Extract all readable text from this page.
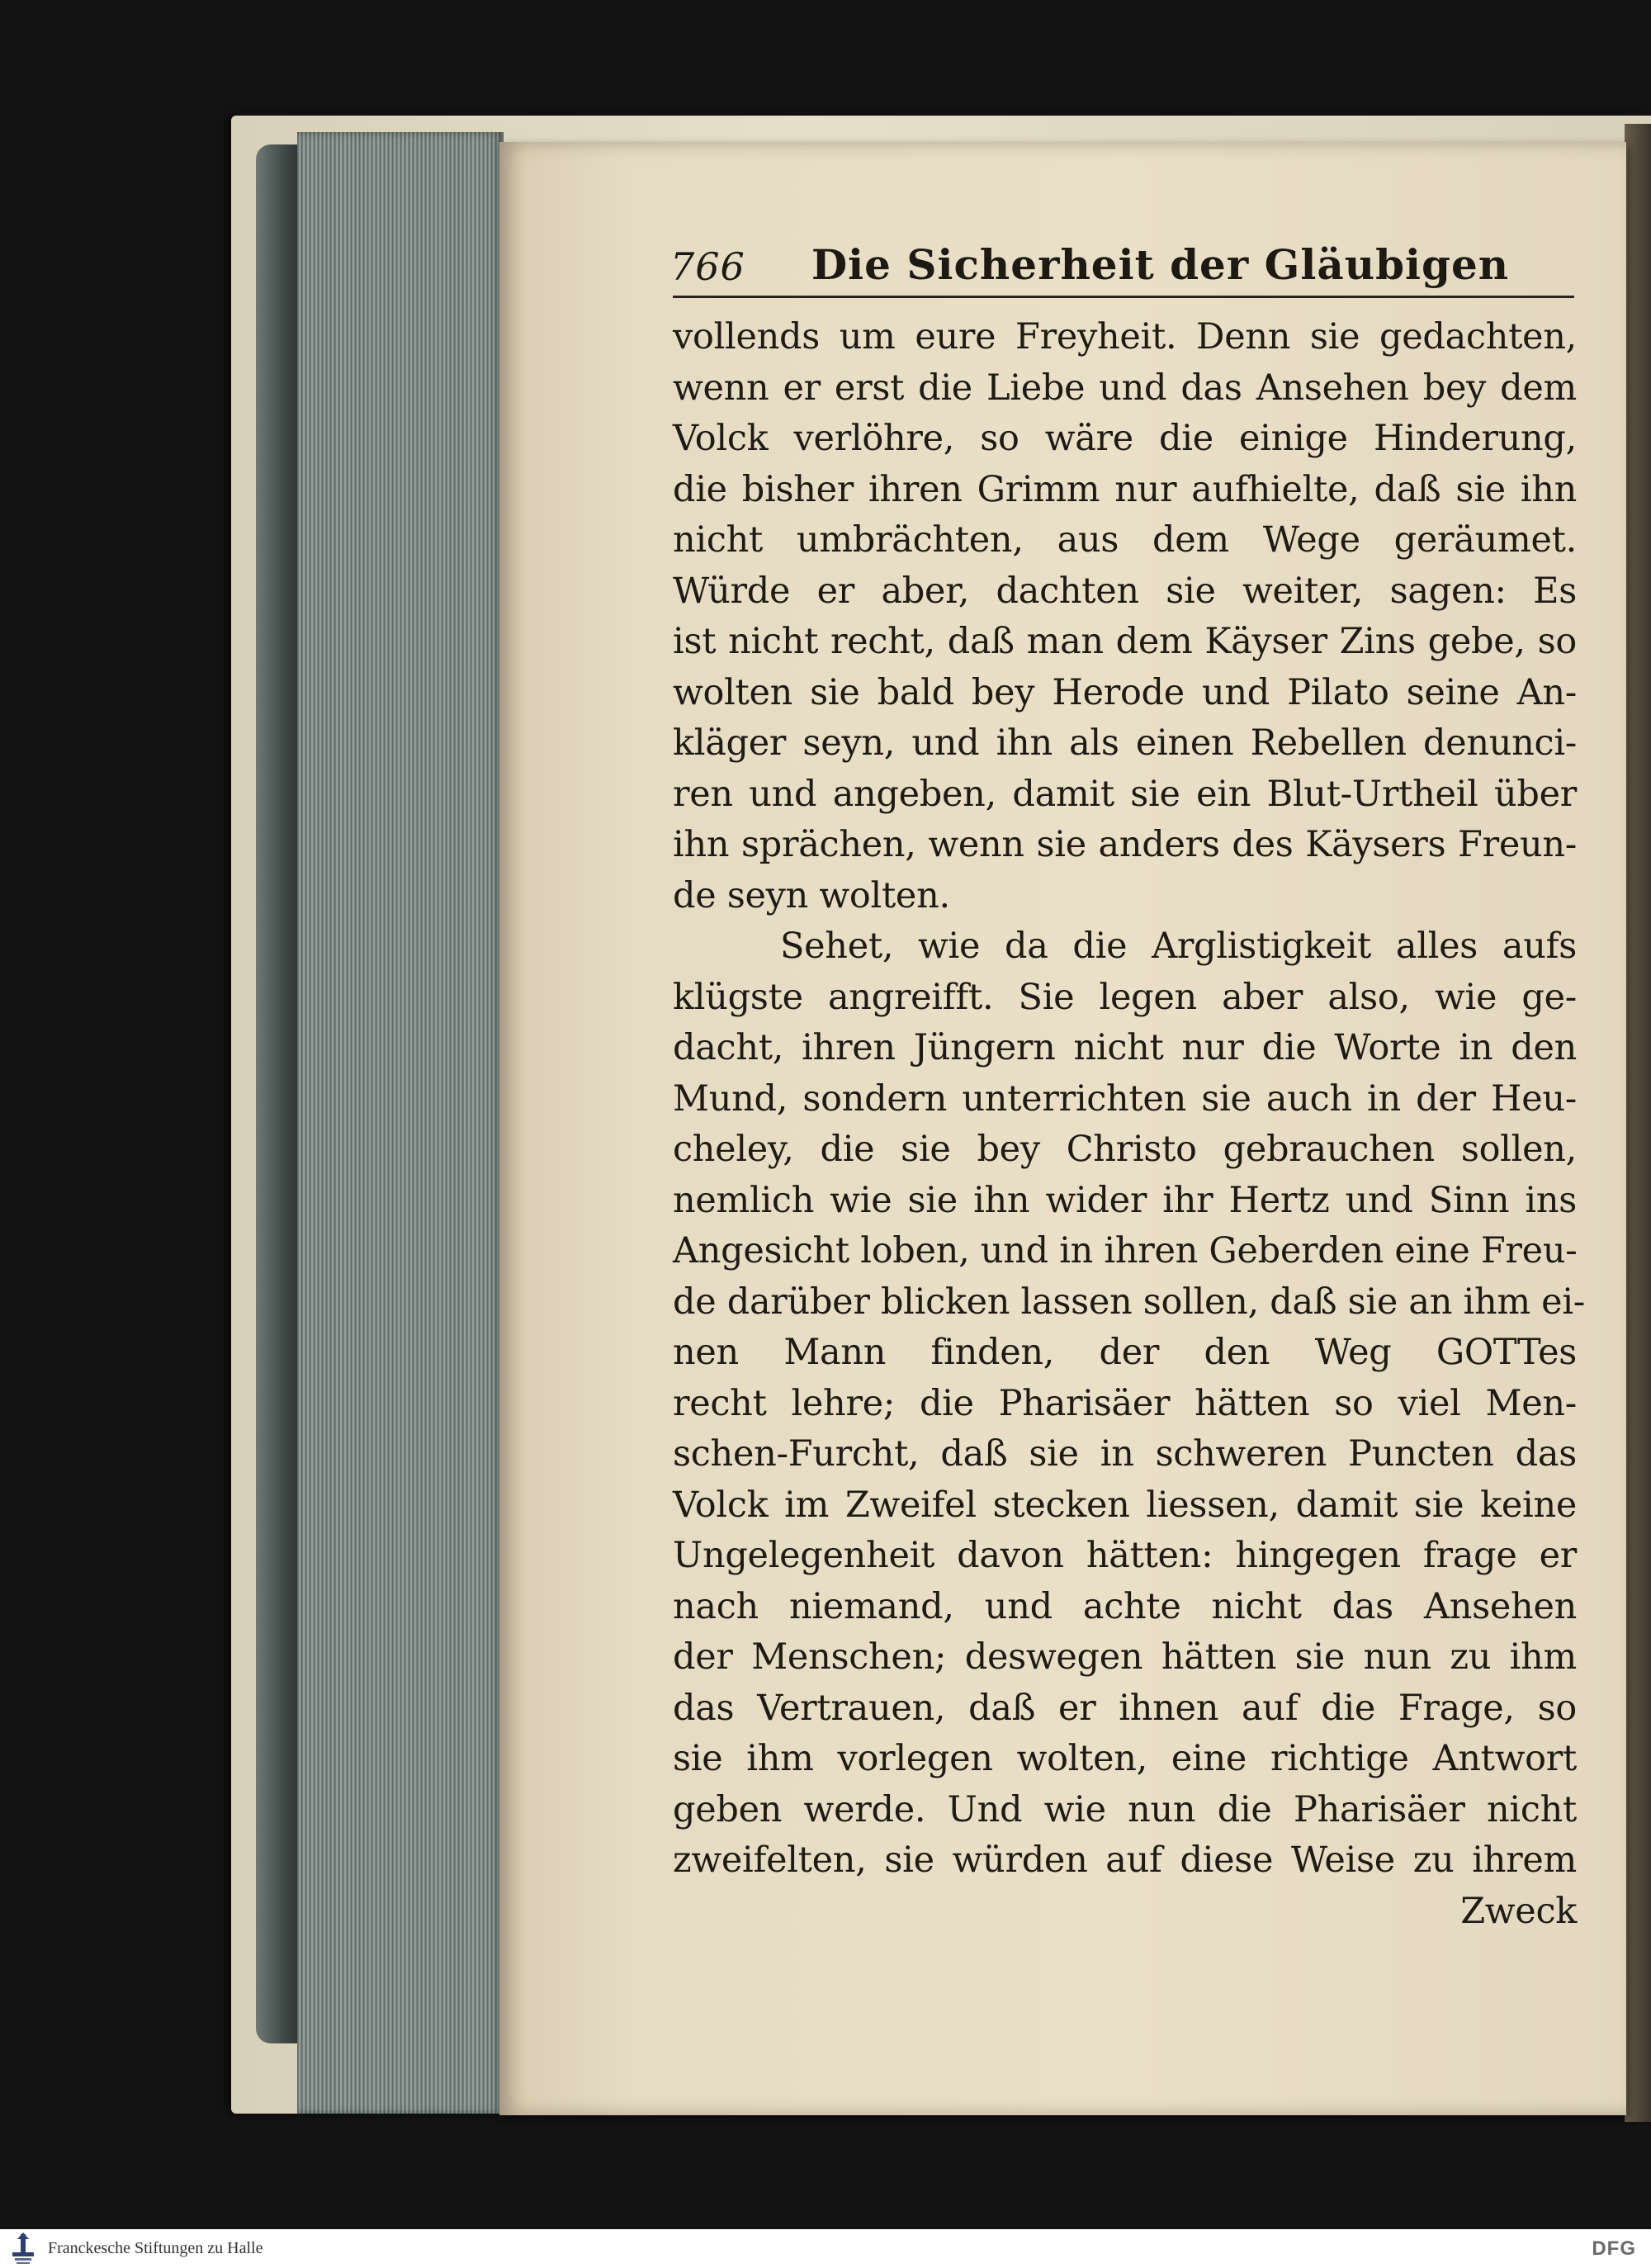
766 Die Sicherheit der Gläubigen
vollends um eure Freyheit. Denn sie gedachten,
wenn er erst die Liebe und das Ansehen bey dem
Volck verlöhre, so wäre die einige Hinderung,
die bisher ihren Grimm nur aufhielte, daß sie ihn
nicht umbrächten, aus dem Wege geräumet.
Würde er aber, dachten sie weiter, sagen: Es
ist nicht recht, daß man dem Käyser Zins gebe, so
wolten sie bald bey Herode und Pilato seine An-
kläger seyn, und ihn als einen Rebellen denunci-
ren und angeben, damit sie ein Blut-Urtheil über
ihn sprächen, wenn sie anders des Käysers Freun-
de seyn wolten.
Sehet, wie da die Arglistigkeit alles aufs
klügste angreifft. Sie legen aber also, wie ge-
dacht, ihren Jüngern nicht nur die Worte in den
Mund, sondern unterrichten sie auch in der Heu-
cheley, die sie bey Christo gebrauchen sollen,
nemlich wie sie ihn wider ihr Hertz und Sinn ins
Angesicht loben, und in ihren Geberden eine Freu-
de darüber blicken lassen sollen, daß sie an ihm ei-
nen Mann finden, der den Weg GOTTes
recht lehre; die Pharisäer hätten so viel Men-
schen-Furcht, daß sie in schweren Puncten das
Volck im Zweifel stecken liessen, damit sie keine
Ungelegenheit davon hätten: hingegen frage er
nach niemand, und achte nicht das Ansehen
der Menschen; deswegen hätten sie nun zu ihm
das Vertrauen, daß er ihnen auf die Frage, so
sie ihm vorlegen wolten, eine richtige Antwort
geben werde. Und wie nun die Pharisäer nicht
zweifelten, sie würden auf diese Weise zu ihrem
Zweck
Franckesche Stiftungen zu Halle	DFG
